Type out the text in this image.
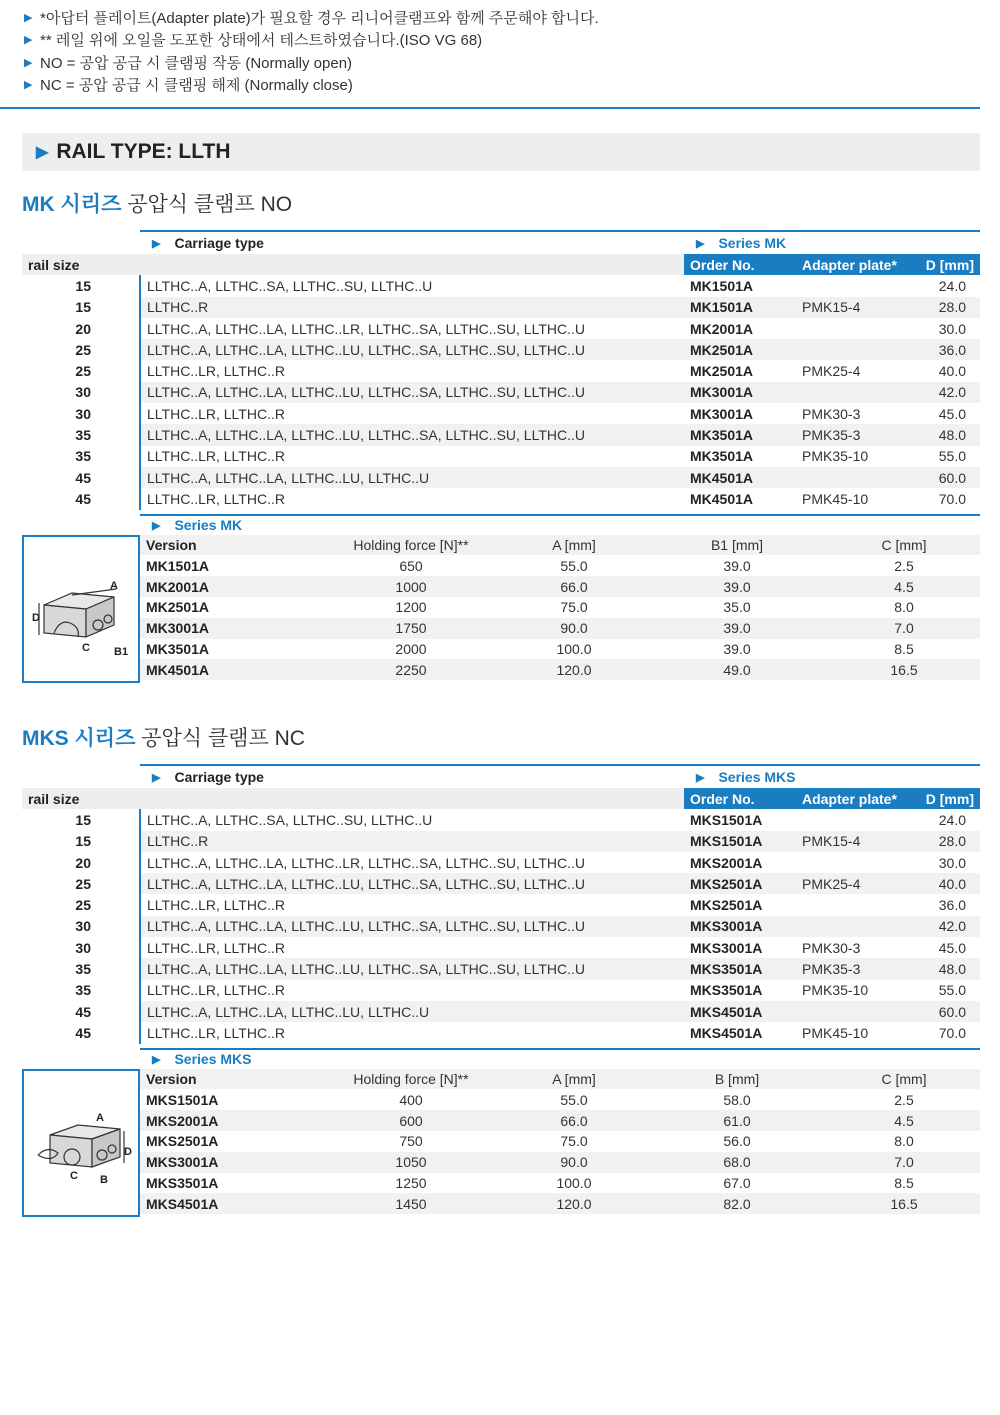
▶ *아답터 플레이트(Adapter plate)가 필요할 경우 리니어클램프와 함께 주문해야 합니다.
▶ ** 레일 위에 오일을 도포한 상태에서 테스트하였습니다.(ISO VG 68)
▶ NO = 공압 공급 시 클램핑 작동 (Normally open)
▶ NC = 공압 공급 시 클램핑 해제 (Normally close)
▶ RAIL TYPE: LLTH
MK 시리즈 공압식 클램프 NO
▶ Carriage type	▶ Series MK
rail size		Order No.	Adapter plate*	D [mm]
15	LLTHC..A, LLTHC..SA, LLTHC..SU, LLTHC..U	MK1501A		24.0
15	LLTHC..R	MK1501A	PMK15-4	28.0
20	LLTHC..A, LLTHC..LA, LLTHC..LR, LLTHC..SA, LLTHC..SU, LLTHC..U	MK2001A		30.0
25	LLTHC..A, LLTHC..LA, LLTHC..LU, LLTHC..SA, LLTHC..SU, LLTHC..U	MK2501A		36.0
25	LLTHC..LR, LLTHC..R	MK2501A	PMK25-4	40.0
30	LLTHC..A, LLTHC..LA, LLTHC..LU, LLTHC..SA, LLTHC..SU, LLTHC..U	MK3001A		42.0
30	LLTHC..LR, LLTHC..R	MK3001A	PMK30-3	45.0
35	LLTHC..A, LLTHC..LA, LLTHC..LU, LLTHC..SA, LLTHC..SU, LLTHC..U	MK3501A	PMK35-3	48.0
35	LLTHC..LR, LLTHC..R	MK3501A	PMK35-10	55.0
45	LLTHC..A, LLTHC..LA, LLTHC..LU, LLTHC..U	MK4501A		60.0
45	LLTHC..LR, LLTHC..R	MK4501A	PMK45-10	70.0
A
D
C B1
▶ Series MK
Version	Holding force [N]**	A [mm]	B1 [mm]	C [mm]
MK1501A	650	55.0	39.0	2.5
MK2001A	1000	66.0	39.0	4.5
MK2501A	1200	75.0	35.0	8.0
MK3001A	1750	90.0	39.0	7.0
MK3501A	2000	100.0	39.0	8.5
MK4501A	2250	120.0	49.0	16.5
MKS 시리즈 공압식 클램프 NC
▶ Carriage type	▶ Series MKS
rail size		Order No.	Adapter plate*	D [mm]
15	LLTHC..A, LLTHC..SA, LLTHC..SU, LLTHC..U	MKS1501A		24.0
15	LLTHC..R	MKS1501A	PMK15-4	28.0
20	LLTHC..A, LLTHC..LA, LLTHC..LR, LLTHC..SA, LLTHC..SU, LLTHC..U	MKS2001A		30.0
25	LLTHC..A, LLTHC..LA, LLTHC..LU, LLTHC..SA, LLTHC..SU, LLTHC..U	MKS2501A	PMK25-4	40.0
25	LLTHC..LR, LLTHC..R	MKS2501A		36.0
30	LLTHC..A, LLTHC..LA, LLTHC..LU, LLTHC..SA, LLTHC..SU, LLTHC..U	MKS3001A		42.0
30	LLTHC..LR, LLTHC..R	MKS3001A	PMK30-3	45.0
35	LLTHC..A, LLTHC..LA, LLTHC..LU, LLTHC..SA, LLTHC..SU, LLTHC..U	MKS3501A	PMK35-3	48.0
35	LLTHC..LR, LLTHC..R	MKS3501A	PMK35-10	55.0
45	LLTHC..A, LLTHC..LA, LLTHC..LU, LLTHC..U	MKS4501A		60.0
45	LLTHC..LR, LLTHC..R	MKS4501A	PMK45-10	70.0
A
D
C B
▶ Series MKS
Version	Holding force [N]**	A [mm]	B [mm]	C [mm]
MKS1501A	400	55.0	58.0	2.5
MKS2001A	600	66.0	61.0	4.5
MKS2501A	750	75.0	56.0	8.0
MKS3001A	1050	90.0	68.0	7.0
MKS3501A	1250	100.0	67.0	8.5
MKS4501A	1450	120.0	82.0	16.5
